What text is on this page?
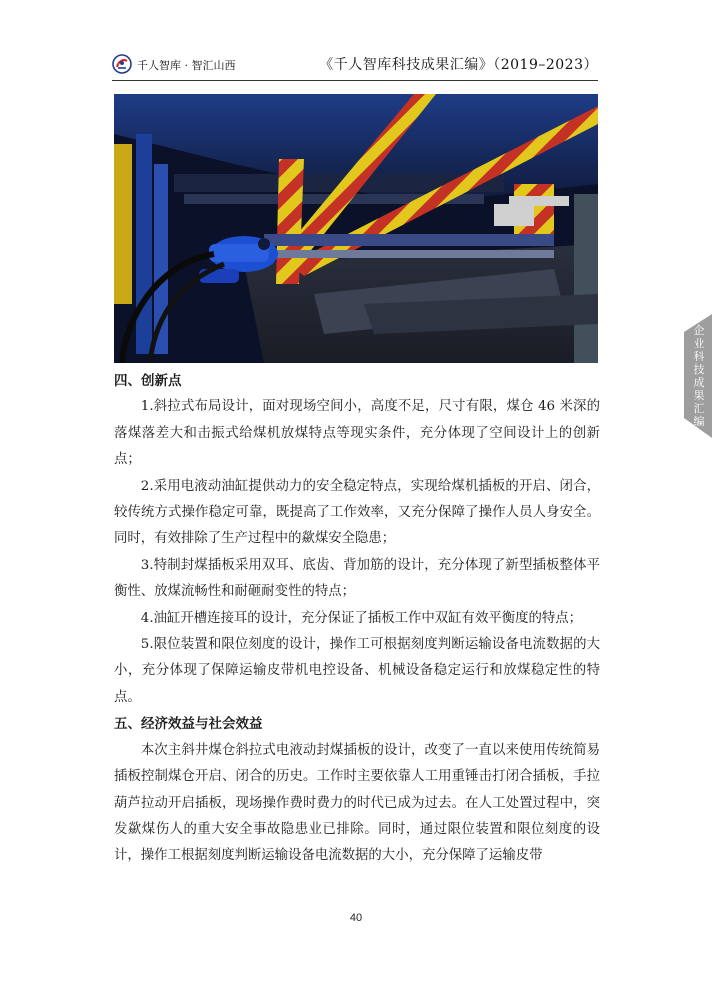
千人智库 · 智汇山西	《千人智库科技成果汇编》（2019–2023）
企业科技成果汇编

四、创新点

1.斜拉式布局设计，面对现场空间小，高度不足，尺寸有限，煤仓 46 米深的落煤落差大和击振式给煤机放煤特点等现实条件，充分体现了空间设计上的创新点；

2.采用电液动油缸提供动力的安全稳定特点，实现给煤机插板的开启、闭合，较传统方式操作稳定可靠，既提高了工作效率，又充分保障了操作人员人身安全。同时，有效排除了生产过程中的歘煤安全隐患；

3.特制封煤插板采用双耳、底齿、背加筋的设计，充分体现了新型插板整体平衡性、放煤流畅性和耐砸耐变性的特点；

4.油缸开槽连接耳的设计，充分保证了插板工作中双缸有效平衡度的特点；

5.限位装置和限位刻度的设计，操作工可根据刻度判断运输设备电流数据的大小，充分体现了保障运输皮带机电控设备、机械设备稳定运行和放煤稳定性的特点。

五、经济效益与社会效益

本次主斜井煤仓斜拉式电液动封煤插板的设计，改变了一直以来使用传统简易插板控制煤仓开启、闭合的历史。工作时主要依靠人工用重锤击打闭合插板，手拉葫芦拉动开启插板，现场操作费时费力的时代已成为过去。在人工处置过程中，突发歘煤伤人的重大安全事故隐患业已排除。同时，通过限位装置和限位刻度的设计，操作工根据刻度判断运输设备电流数据的大小，充分保障了运输皮带

40
